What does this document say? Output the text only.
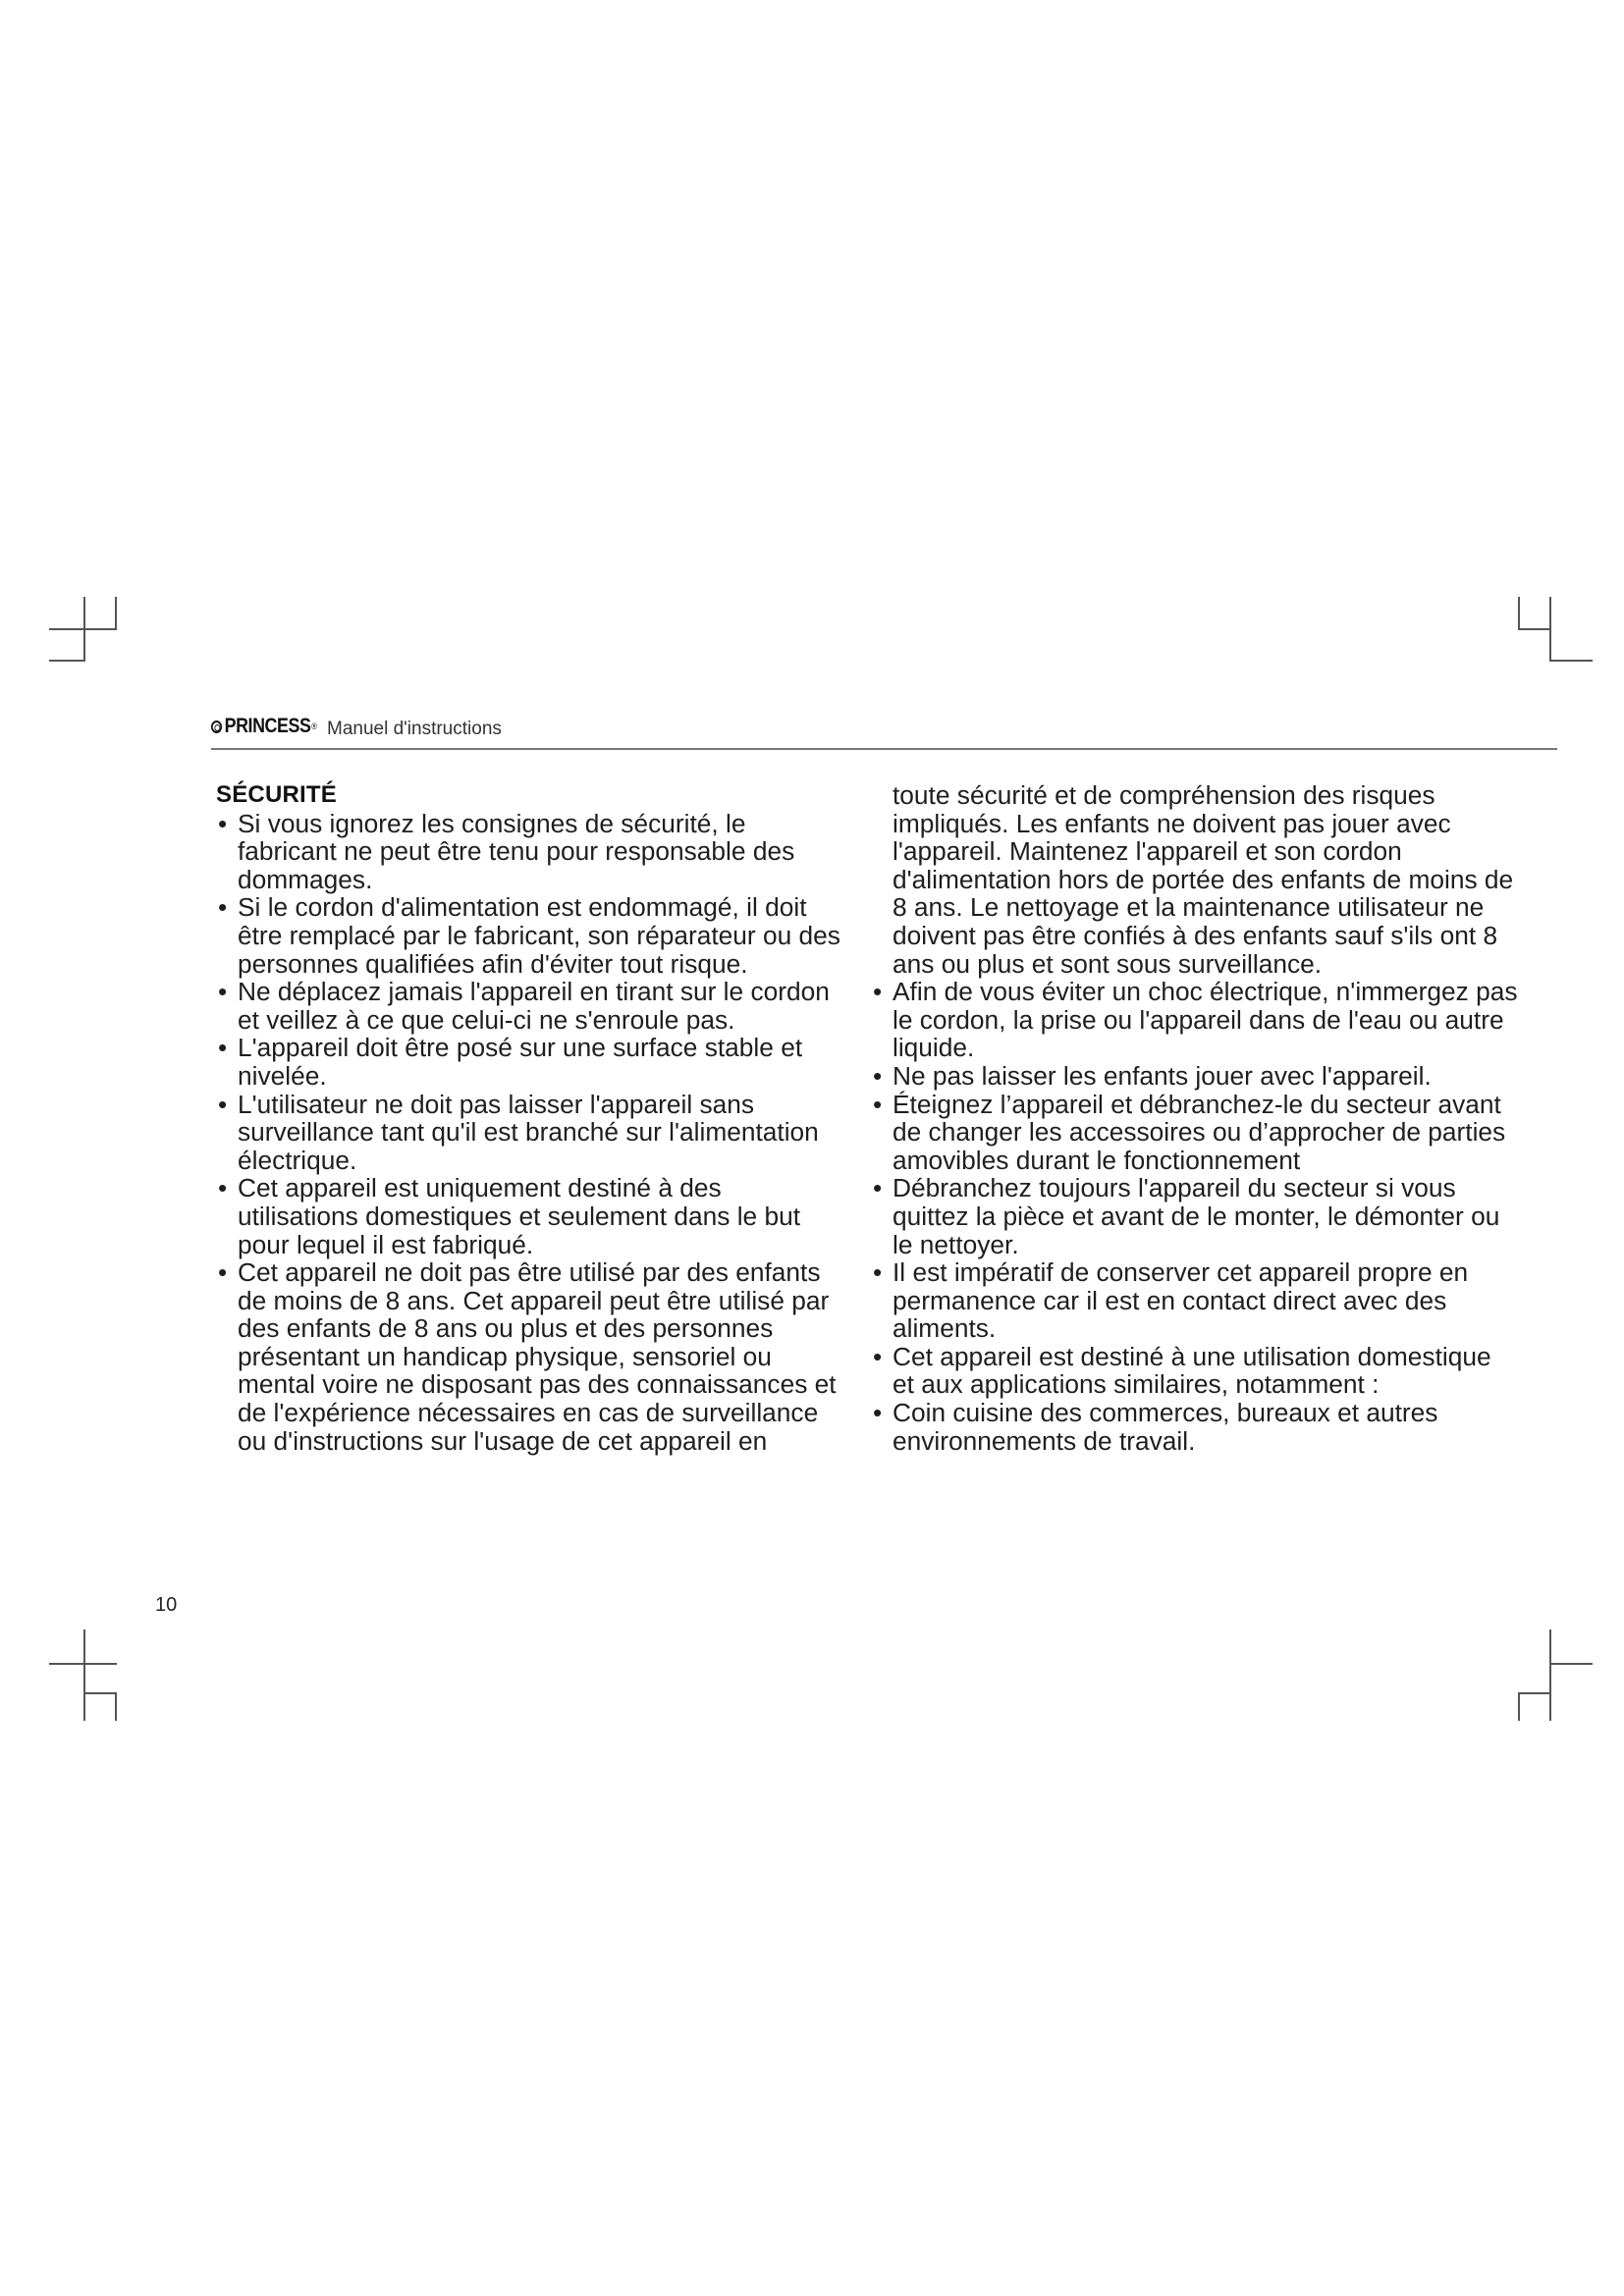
PRINCESS ® Manuel d'instructions
SÉCURITÉ
• Si vous ignorez les consignes de sécurité, le fabricant ne peut être tenu pour responsable des dommages.
• Si le cordon d'alimentation est endommagé, il doit être remplacé par le fabricant, son réparateur ou des personnes qualifiées afin d'éviter tout risque.
• Ne déplacez jamais l'appareil en tirant sur le cordon et veillez à ce que celui-ci ne s'enroule pas.
• L'appareil doit être posé sur une surface stable et nivelée.
• L'utilisateur ne doit pas laisser l'appareil sans surveillance tant qu'il est branché sur l'alimentation électrique.
• Cet appareil est uniquement destiné à des utilisations domestiques et seulement dans le but pour lequel il est fabriqué.
• Cet appareil ne doit pas être utilisé par des enfants de moins de 8 ans. Cet appareil peut être utilisé par des enfants de 8 ans ou plus et des personnes présentant un handicap physique, sensoriel ou mental voire ne disposant pas des connaissances et de l'expérience nécessaires en cas de surveillance ou d'instructions sur l'usage de cet appareil en

toute sécurité et de compréhension des risques impliqués. Les enfants ne doivent pas jouer avec l'appareil. Maintenez l'appareil et son cordon d'alimentation hors de portée des enfants de moins de 8 ans. Le nettoyage et la maintenance utilisateur ne doivent pas être confiés à des enfants sauf s'ils ont 8 ans ou plus et sont sous surveillance.

• Afin de vous éviter un choc électrique, n'immergez pas le cordon, la prise ou l'appareil dans de l'eau ou autre liquide.
• Ne pas laisser les enfants jouer avec l'appareil.
• Éteignez l’appareil et débranchez-le du secteur avant de changer les accessoires ou d’approcher de parties amovibles durant le fonctionnement
• Débranchez toujours l'appareil du secteur si vous quittez la pièce et avant de le monter, le démonter ou le nettoyer.
• Il est impératif de conserver cet appareil propre en permanence car il est en contact direct avec des aliments.
• Cet appareil est destiné à une utilisation domestique et aux applications similaires, notamment :
• Coin cuisine des commerces, bureaux et autres environnements de travail.
10
